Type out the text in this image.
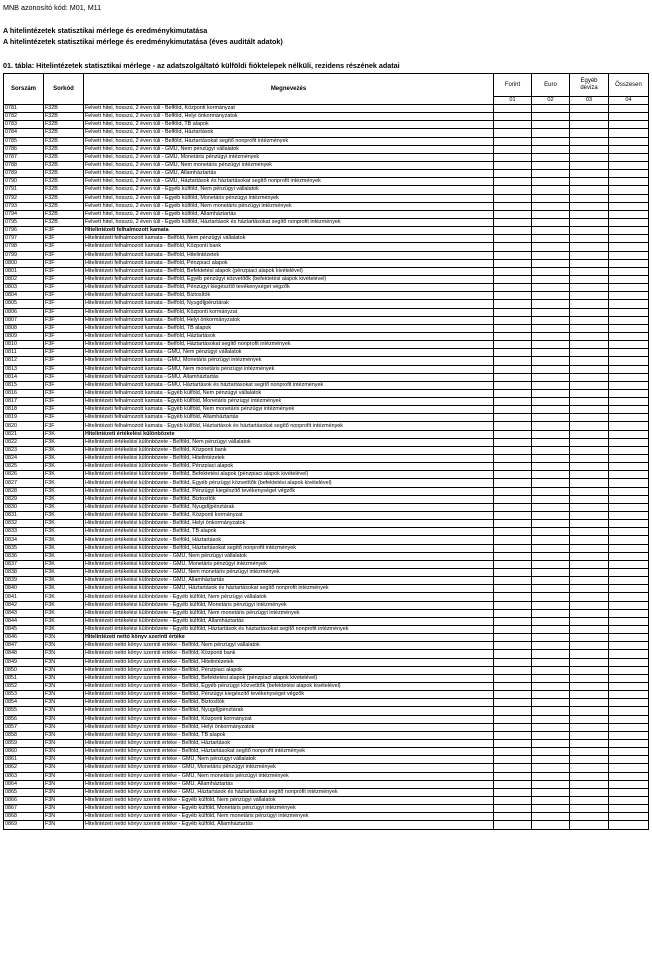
MNB azonosító kód: M01, M11
A hitelintézetek statisztikai mérlege és eredménykimutatása
A hitelintézetek statisztikai mérlege és eredménykimutatása (éves auditált adatok)
01. tábla: Hitelintézetek statisztikai mérlege - az adatszolgáltató külföldi fióktelepek nélküli, rezidens részének adatai
Sorszám	Sorkód	Megnevezés	Forint	Euro	Egyéb deviza	Összesen
			01	02	03	04
0781	F32B	Felvett hitel, hosszú, 2 éven túli - Belföld, Központi kormányzat				
0782	F32B	Felvett hitel, hosszú, 2 éven túli - Belföld, Helyi önkormányzatok				
0783	F32B	Felvett hitel, hosszú, 2 éven túli - Belföld, TB alapok				
0784	F32B	Felvett hitel, hosszú, 2 éven túli - Belföld, Háztartások				
0785	F32B	Felvett hitel, hosszú, 2 éven túli - Belföld, Háztartásokat segítő nonprofit intézmények				
0786	F32B	Felvett hitel, hosszú, 2 éven túli - GMU, Nem pénzügyi vállalatok				
0787	F32B	Felvett hitel, hosszú, 2 éven túli - GMU, Monetáris pénzügyi intézmények				
0788	F32B	Felvett hitel, hosszú, 2 éven túli - GMU, Nem monetáris pénzügyi intézmények				
0789	F32B	Felvett hitel, hosszú, 2 éven túli - GMU, Államháztartás				
0790	F32B	Felvett hitel, hosszú, 2 éven túli - GMU, Háztartások és háztartásokat segítő nonprofit intézmények				
0791	F32B	Felvett hitel, hosszú, 2 éven túli - Egyéb külföld, Nem pénzügyi vállalatok				
0792	F32B	Felvett hitel, hosszú, 2 éven túli - Egyéb külföld, Monetáris pénzügyi intézmények				
0793	F32B	Felvett hitel, hosszú, 2 éven túli - Egyéb külföld, Nem monetáris pénzügyi intézmények				
0794	F32B	Felvett hitel, hosszú, 2 éven túli - Egyéb külföld, Államháztartás				
0795	F32B	Felvett hitel, hosszú, 2 éven túli - Egyéb külföld, Háztartások és háztartásokat segítő nonprofit intézmények				
0796	F3F	Hitelintézeti felhalmozott kamata				
0797	F3F	Hitelintézeti felhalmozott kamata - Belföld, Nem pénzügyi vállalatok				
0798	F3F	Hitelintézeti felhalmozott kamata - Belföld, Központi bank				
0799	F3F	Hitelintézeti felhalmozott kamata - Belföld, Hitelintézetek				
0800	F3F	Hitelintézeti felhalmozott kamata - Belföld, Pénzpiaci alapok				
0801	F3F	Hitelintézeti felhalmozott kamata - Belföld, Befektetési alapok (pénzpiaci alapok kivételével)				
0802	F3F	Hitelintézeti felhalmozott kamata - Belföld, Egyéb pénzügyi közvetítők (befektetési alapok kivételével)				
0803	F3F	Hitelintézeti felhalmozott kamata - Belföld, Pénzügyi kiegészítő tevékenységet végzők				
0804	F3F	Hitelintézeti felhalmozott kamata - Belföld, Biztosítók				
0805	F3F	Hitelintézeti felhalmozott kamata - Belföld, Nyugdíjpénztárak				
0806	F3F	Hitelintézeti felhalmozott kamata - Belföld, Központi kormányzat				
0807	F3F	Hitelintézeti felhalmozott kamata - Belföld, Helyi önkormányzatok				
0808	F3F	Hitelintézeti felhalmozott kamata - Belföld, TB alapok				
0809	F3F	Hitelintézeti felhalmozott kamata - Belföld, Háztartások				
0810	F3F	Hitelintézeti felhalmozott kamata - Belföld, Háztartásokat segítő nonprofit intézmények				
0811	F3F	Hitelintézeti felhalmozott kamata - GMU, Nem pénzügyi vállalatok				
0812	F3F	Hitelintézeti felhalmozott kamata - GMU, Monetáris pénzügyi intézmények				
0813	F3F	Hitelintézeti felhalmozott kamata - GMU, Nem monetáris pénzügyi intézmények				
0814	F3F	Hitelintézeti felhalmozott kamata - GMU, Államháztartás				
0815	F3F	Hitelintézeti felhalmozott kamata - GMU, Háztartások és háztartásokat segítő nonprofit intézmények				
0816	F3F	Hitelintézeti felhalmozott kamata - Egyéb külföld, Nem pénzügyi vállalatok				
0817	F3F	Hitelintézeti felhalmozott kamata - Egyéb külföld, Monetáris pénzügyi intézmények				
0818	F3F	Hitelintézeti felhalmozott kamata - Egyéb külföld, Nem monetáris pénzügyi intézmények				
0819	F3F	Hitelintézeti felhalmozott kamata - Egyéb külföld, Államháztartás				
0820	F3F	Hitelintézeti felhalmozott kamata - Egyéb külföld, Háztartások és háztartásokat segítő nonprofit intézmények				
0821	F3K	Hitelintézeti értékelési különbözete				
0822	F3K	Hitelintézeti értékelési különbözete - Belföld, Nem pénzügyi vállalatok				
0823	F3K	Hitelintézeti értékelési különbözete - Belföld, Központi bank				
0824	F3K	Hitelintézeti értékelési különbözete - Belföld, Hitelintézetek				
0825	F3K	Hitelintézeti értékelési különbözete - Belföld, Pénzpiaci alapok				
0826	F3K	Hitelintézeti értékelési különbözete - Belföld, Befektetési alapok (pénzpiaci alapok kivételével)				
0827	F3K	Hitelintézeti értékelési különbözete - Belföld, Egyéb pénzügyi közvetítők (befektetési alapok kivételével)				
0828	F3K	Hitelintézeti értékelési különbözete - Belföld, Pénzügyi kiegészítő tevékenységet végzők				
0829	F3K	Hitelintézeti értékelési különbözete - Belföld, Biztosítók				
0830	F3K	Hitelintézeti értékelési különbözete - Belföld, Nyugdíjpénztárak				
0831	F3K	Hitelintézeti értékelési különbözete - Belföld, Központi kormányzat				
0832	F3K	Hitelintézeti értékelési különbözete - Belföld, Helyi önkormányzatok				
0833	F3K	Hitelintézeti értékelési különbözete - Belföld, TB alapok				
0834	F3K	Hitelintézeti értékelési különbözete - Belföld, Háztartások				
0835	F3K	Hitelintézeti értékelési különbözete - Belföld, Háztartásokat segítő nonprofit intézmények				
0836	F3K	Hitelintézeti értékelési különbözete - GMU, Nem pénzügyi vállalatok				
0837	F3K	Hitelintézeti értékelési különbözete - GMU, Monetáris pénzügyi intézmények				
0838	F3K	Hitelintézeti értékelési különbözete - GMU, Nem monetáris pénzügyi intézmények				
0839	F3K	Hitelintézeti értékelési különbözete - GMU, Államháztartás				
0840	F3K	Hitelintézeti értékelési különbözete - GMU, Háztartások és háztartásokat segítő nonprofit intézmények				
0841	F3K	Hitelintézeti értékelési különbözete - Egyéb külföld, Nem pénzügyi vállalatok				
0842	F3K	Hitelintézeti értékelési különbözete - Egyéb külföld, Monetáris pénzügyi intézmények				
0843	F3K	Hitelintézeti értékelési különbözete - Egyéb külföld, Nem monetáris pénzügyi intézmények				
0844	F3K	Hitelintézeti értékelési különbözete - Egyéb külföld, Államháztartás				
0845	F3K	Hitelintézeti értékelési különbözete - Egyéb külföld, Háztartások és háztartásokat segítő nonprofit intézmények				
0846	F3N	Hitelintézeti nettó könyv szerinti értéke				
0847	F3N	Hitelintézeti nettó könyv szerinti értéke - Belföld, Nem pénzügyi vállalatok				
0848	F3N	Hitelintézeti nettó könyv szerinti értéke - Belföld, Központi bank				
0849	F3N	Hitelintézeti nettó könyv szerinti értéke - Belföld, Hitelintézetek				
0850	F3N	Hitelintézeti nettó könyv szerinti értéke - Belföld, Pénzpiaci alapok				
0851	F3N	Hitelintézeti nettó könyv szerinti értéke - Belföld, Befektetési alapok (pénzpiaci alapok kivételével)				
0852	F3N	Hitelintézeti nettó könyv szerinti értéke - Belföld, Egyéb pénzügyi közvetítők (befektetési alapok kivételével)				
0853	F3N	Hitelintézeti nettó könyv szerinti értéke - Belföld, Pénzügyi kiegészítő tevékenységet végzők				
0854	F3N	Hitelintézeti nettó könyv szerinti értéke - Belföld, Biztosítók				
0855	F3N	Hitelintézeti nettó könyv szerinti értéke - Belföld, Nyugdíjpénztárak				
0856	F3N	Hitelintézeti nettó könyv szerinti értéke - Belföld, Központi kormányzat				
0857	F3N	Hitelintézeti nettó könyv szerinti értéke - Belföld, Helyi önkormányzatok				
0858	F3N	Hitelintézeti nettó könyv szerinti értéke - Belföld, TB alapok				
0859	F3N	Hitelintézeti nettó könyv szerinti értéke - Belföld, Háztartások				
0860	F3N	Hitelintézeti nettó könyv szerinti értéke - Belföld, Háztartásokat segítő nonprofit intézmények				
0861	F3N	Hitelintézeti nettó könyv szerinti értéke - GMU, Nem pénzügyi vállalatok				
0862	F3N	Hitelintézeti nettó könyv szerinti értéke - GMU, Monetáris pénzügyi intézmények				
0863	F3N	Hitelintézeti nettó könyv szerinti értéke - GMU, Nem monetáris pénzügyi intézmények				
0864	F3N	Hitelintézeti nettó könyv szerinti értéke - GMU, Államháztartás				
0865	F3N	Hitelintézeti nettó könyv szerinti értéke - GMU, Háztartások és háztartásokat segítő nonprofit intézmények				
0866	F3N	Hitelintézeti nettó könyv szerinti értéke - Egyéb külföld, Nem pénzügyi vállalatok				
0867	F3N	Hitelintézeti nettó könyv szerinti értéke - Egyéb külföld, Monetáris pénzügyi intézmények				
0868	F3N	Hitelintézeti nettó könyv szerinti értéke - Egyéb külföld, Nem monetáris pénzügyi intézmények				
0869	F3N	Hitelintézeti nettó könyv szerinti értéke - Egyéb külföld, Államháztartás				
